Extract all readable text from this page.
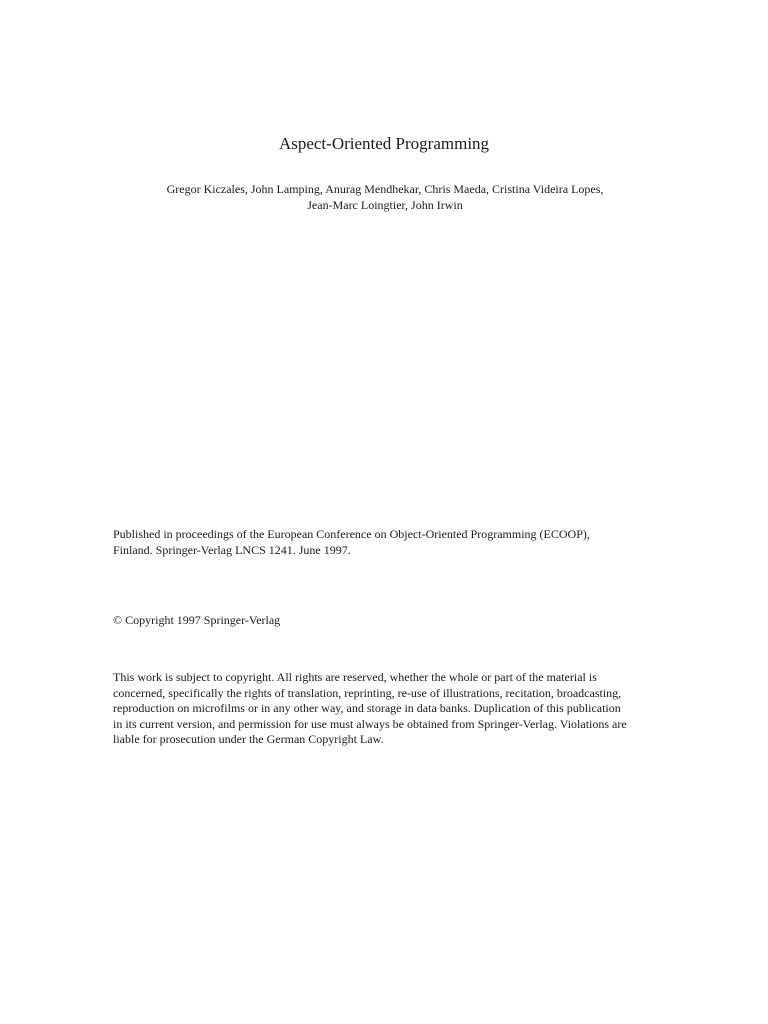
Aspect-Oriented Programming
Gregor Kiczales, John Lamping, Anurag Mendhekar, Chris Maeda, Cristina Videira Lopes,
Jean-Marc Loingtier, John Irwin
Published in proceedings of the European Conference on Object-Oriented Programming (ECOOP),
Finland. Springer-Verlag LNCS 1241. June 1997.
© Copyright 1997 Springer-Verlag
This work is subject to copyright. All rights are reserved, whether the whole or part of the material is
concerned, specifically the rights of translation, reprinting, re-use of illustrations, recitation, broadcasting,
reproduction on microfilms or in any other way, and storage in data banks. Duplication of this publication
in its current version, and permission for use must always be obtained from Springer-Verlag. Violations are
liable for prosecution under the German Copyright Law.
